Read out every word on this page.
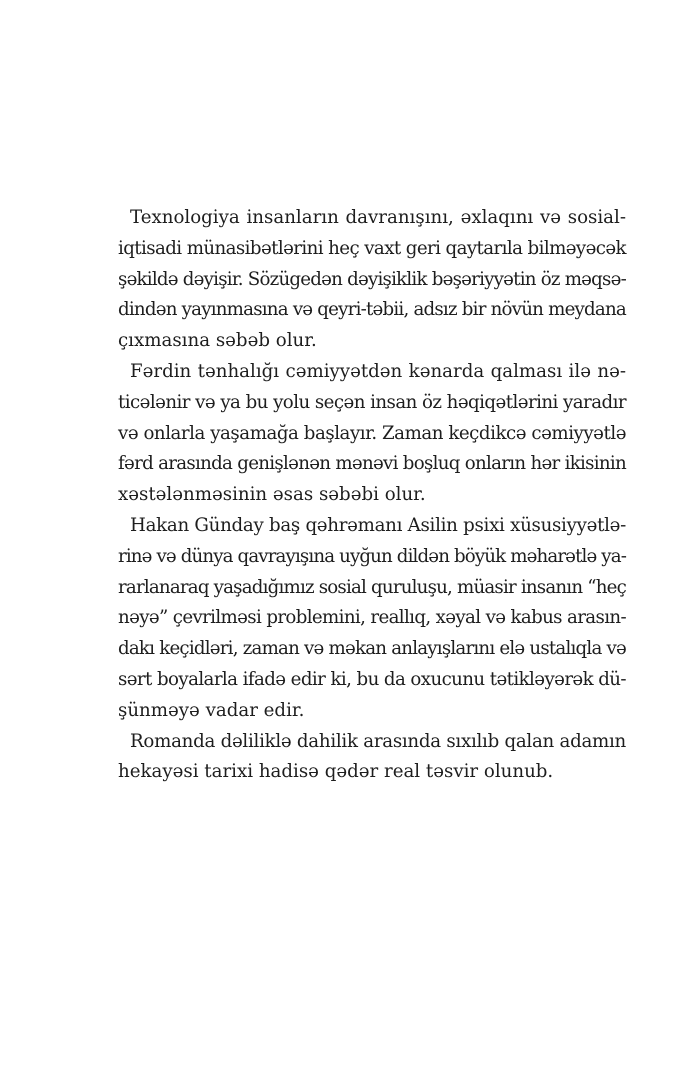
Texnologiya insanların davranışını, əxlaqını və sosial-
iqtisadi münasibətlərini heç vaxt geri qaytarıla bilməyəcək
şəkildə dəyişir. Sözügedən dəyişiklik bəşəriyyətin öz məqsə-
dindən yayınmasına və qeyri-təbii, adsız bir növün meydana
çıxmasına səbəb olur.

Fərdin tənhalığı cəmiyyətdən kənarda qalması ilə nə-
ticələnir və ya bu yolu seçən insan öz həqiqətlərini yaradır
və onlarla yaşamağa başlayır. Zaman keçdikcə cəmiyyətlə
fərd arasında genişlənən mənəvi boşluq onların hər ikisinin
xəstələnməsinin əsas səbəbi olur.

Hakan Günday baş qəhrəmanı Asilin psixi xüsusiyyətlə-
rinə və dünya qavrayışına uyğun dildən böyük məharətlə ya-
rarlanaraq yaşadığımız sosial quruluşu, müasir insanın “heç
nəyə” çevrilməsi problemini, reallıq, xəyal və kabus arasın-
dakı keçidləri, zaman və məkan anlayışlarını elə ustalıqla və
sərt boyalarla ifadə edir ki, bu da oxucunu tətikləyərək dü-
şünməyə vadar edir.

Romanda dəliliklə dahilik arasında sıxılıb qalan adamın
hekayəsi tarixi hadisə qədər real təsvir olunub.
